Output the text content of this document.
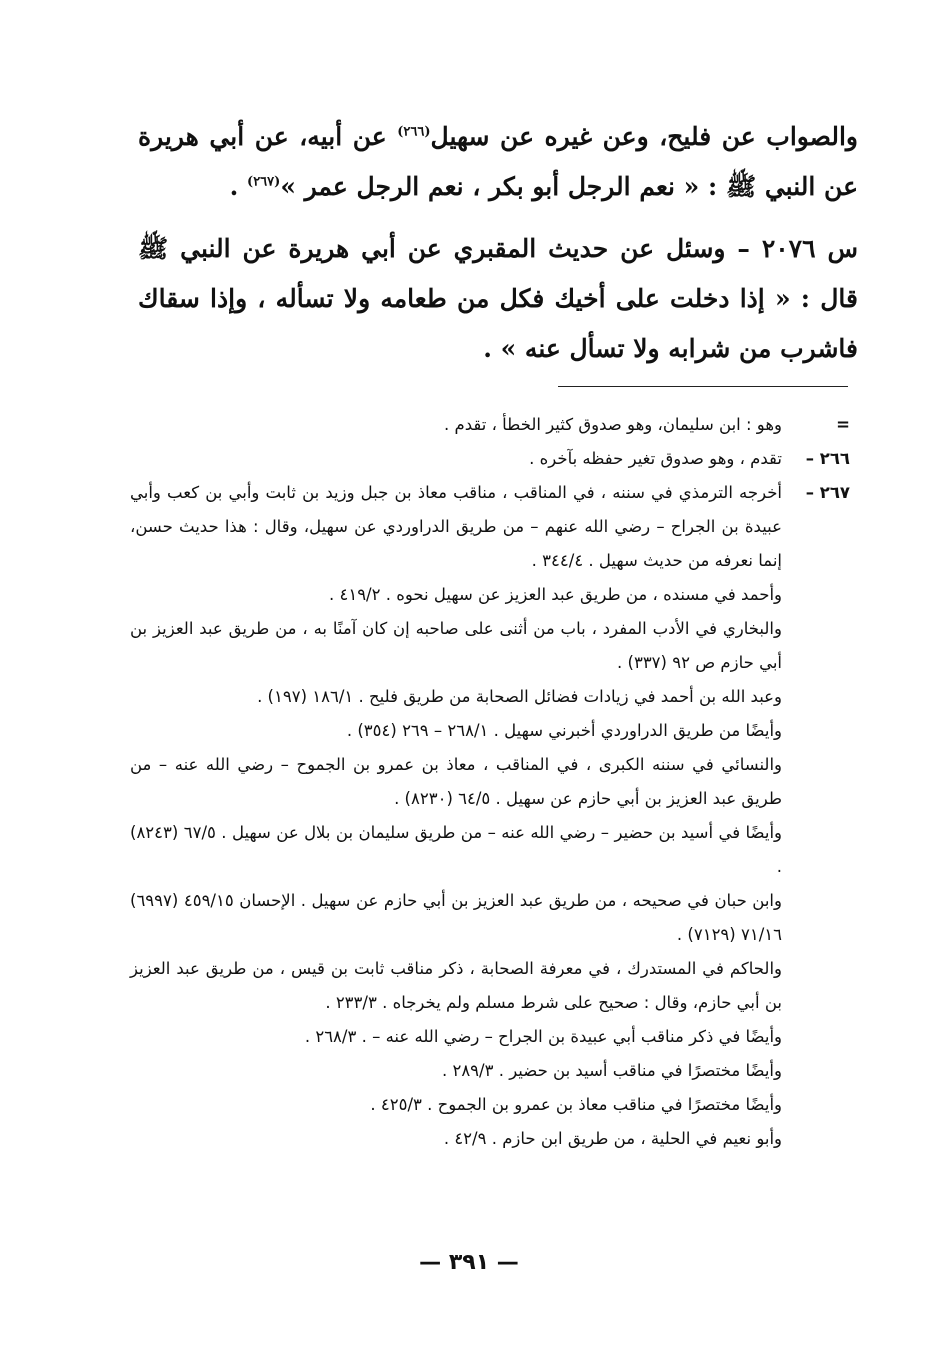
والصواب عن فليح، وعن غيره عن سهيل$^{(٢٦٦)}$ عن أبيه، عن أبي هريرة عن النبي ﷺ : « نعم الرجل أبو بكر ، نعم الرجل عمر »$^{(٢٦٧)}$ .

س ٢٠٧٦ – وسئل عن حديث المقبري عن أبي هريرة عن النبي ﷺ قال : « إذا دخلت على أخيك فكل من طعامه ولا تسأله ، وإذا سقاك فاشرب من شرابه ولا تسأل عنه » .

=

وهو : ابن سليمان، وهو صدوق كثير الخطأ ، تقدم .

٢٦٦ –

تقدم ، وهو صدوق تغير حفظه بآخره .

٢٦٧ –

أخرجه الترمذي في سننه ، في المناقب ، مناقب معاذ بن جبل وزيد بن ثابت وأبي بن كعب وأبي عبيدة بن الجراح – رضي الله عنهم – من طريق الدراوردي عن سهيل، وقال : هذا حديث حسن، إنما نعرفه من حديث سهيل . ٣٤٤/٤ .

وأحمد في مسنده ، من طريق عبد العزيز عن سهيل نحوه . ٤١٩/٢ .

والبخاري في الأدب المفرد ، باب من أثنى على صاحبه إن كان آمنًا به ، من طريق عبد العزيز بن أبي حازم ص ٩٢ (٣٣٧) .

وعبد الله بن أحمد في زيادات فضائل الصحابة من طريق فليح . ١٨٦/١ (١٩٧) .

وأيضًا من طريق الدراوردي أخبرني سهيل . ٢٦٨/١ – ٢٦٩ (٣٥٤) .

والنسائي في سننه الكبرى ، في المناقب ، معاذ بن عمرو بن الجموح – رضي الله عنه – من طريق عبد العزيز بن أبي حازم عن سهيل . ٦٤/٥ (٨٢٣٠) .

وأيضًا في أسيد بن حضير – رضي الله عنه – من طريق سليمان بن بلال عن سهيل . ٦٧/٥ (٨٢٤٣) .

وابن حبان في صحيحه ، من طريق عبد العزيز بن أبي حازم عن سهيل . الإحسان ٤٥٩/١٥ (٦٩٩٧) ٧١/١٦ (٧١٢٩) .

والحاكم في المستدرك ، في معرفة الصحابة ، ذكر مناقب ثابت بن قيس ، من طريق عبد العزيز بن أبي حازم، وقال : صحيح على شرط مسلم ولم يخرجاه . ٢٣٣/٣ .

وأيضًا في ذكر مناقب أبي عبيدة بن الجراح – رضي الله عنه – . ٢٦٨/٣ .

وأيضًا مختصرًا في مناقب أسيد بن حضير . ٢٨٩/٣ .

وأيضًا مختصرًا في مناقب معاذ بن عمرو بن الجموح . ٤٢٥/٣ .

وأبو نعيم في الحلية ، من طريق ابن حازم . ٤٢/٩ .

— ٣٩١ —
